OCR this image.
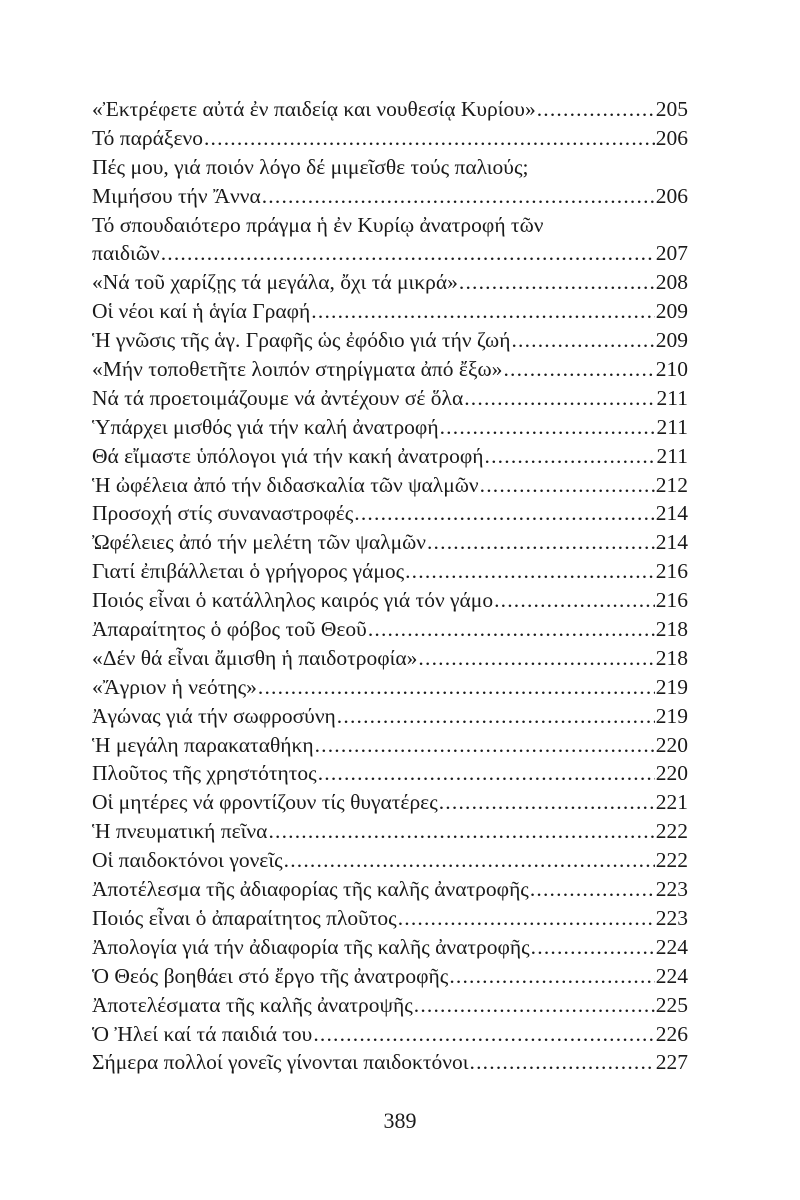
«Ἐκτρέφετε αὐτά ἐν παιδείᾳ και νουθεσίᾳ Κυρίου» .....	205
Τό παράξενο .....	206
Πές μου, γιά ποιόν λόγο δέ μιμεῖσθε τούς παλιούς;
Μιμήσου τήν Ἄννα .....	206
Τό σπουδαιότερο πράγμα ἡ ἐν Κυρίῳ ἀνατροφή τῶν
παιδιῶν .....	207
«Νά τοῦ χαρίζῃς τά μεγάλα, ὄχι τά μικρά» .....	208
Οἱ νέοι καί ἡ ἁγία Γραφή .....	209
Ἡ γνῶσις τῆς ἁγ. Γραφῆς ὡς ἐφόδιο γιά τήν ζωή .....	209
«Μήν τοποθετῆτε λοιπόν στηρίγματα ἀπό ἔξω» .....	210
Νά τά προετοιμάζουμε νά ἀντέχουν σέ ὅλα .....	211
Ὑπάρχει μισθός γιά τήν καλή ἀνατροφή .....	211
Θά εἴμαστε ὑπόλογοι γιά τήν κακή ἀνατροφή .....	211
Ἡ ὠφέλεια ἀπό τήν διδασκαλία τῶν ψαλμῶν .....	212
Προσοχή στίς συναναστροφές .....	214
Ὠφέλειες ἀπό τήν μελέτη τῶν ψαλμῶν .....	214
Γιατί ἐπιβάλλεται ὁ γρήγορος γάμος .....	216
Ποιός εἶναι ὁ κατάλληλος καιρός γιά τόν γάμο .....	216
Ἀπαραίτητος ὁ φόβος τοῦ Θεοῦ .....	218
«Δέν θά εἶναι ἄμισθη ἡ παιδοτροφία» .....	218
«Ἄγριον ἡ νεότης» .....	219
Ἀγώνας γιά τήν σωφροσύνη .....	219
Ἡ μεγάλη παρακαταθήκη .....	220
Πλοῦτος τῆς χρηστότητος .....	220
Οἱ μητέρες νά φροντίζουν τίς θυγατέρες .....	221
Ἡ πνευματική πεῖνα .....	222
Οἱ παιδοκτόνοι γονεῖς .....	222
Ἀποτέλεσμα τῆς ἀδιαφορίας τῆς καλῆς ἀνατροφῆς .....	223
Ποιός εἶναι ὁ ἀπαραίτητος πλοῦτος .....	223
Ἀπολογία γιά τήν ἀδιαφορία τῆς καλῆς ἀνατροφῆς .....	224
Ὁ Θεός βοηθάει στό ἔργο τῆς ἀνατροφῆς .....	224
Ἀποτελέσματα τῆς καλῆς ἀνατροψῆς .....	225
Ὁ Ἠλεί καί τά παιδιά του .....	226
Σήμερα πολλοί γονεῖς γίνονται παιδοκτόνοι .....	227
389
